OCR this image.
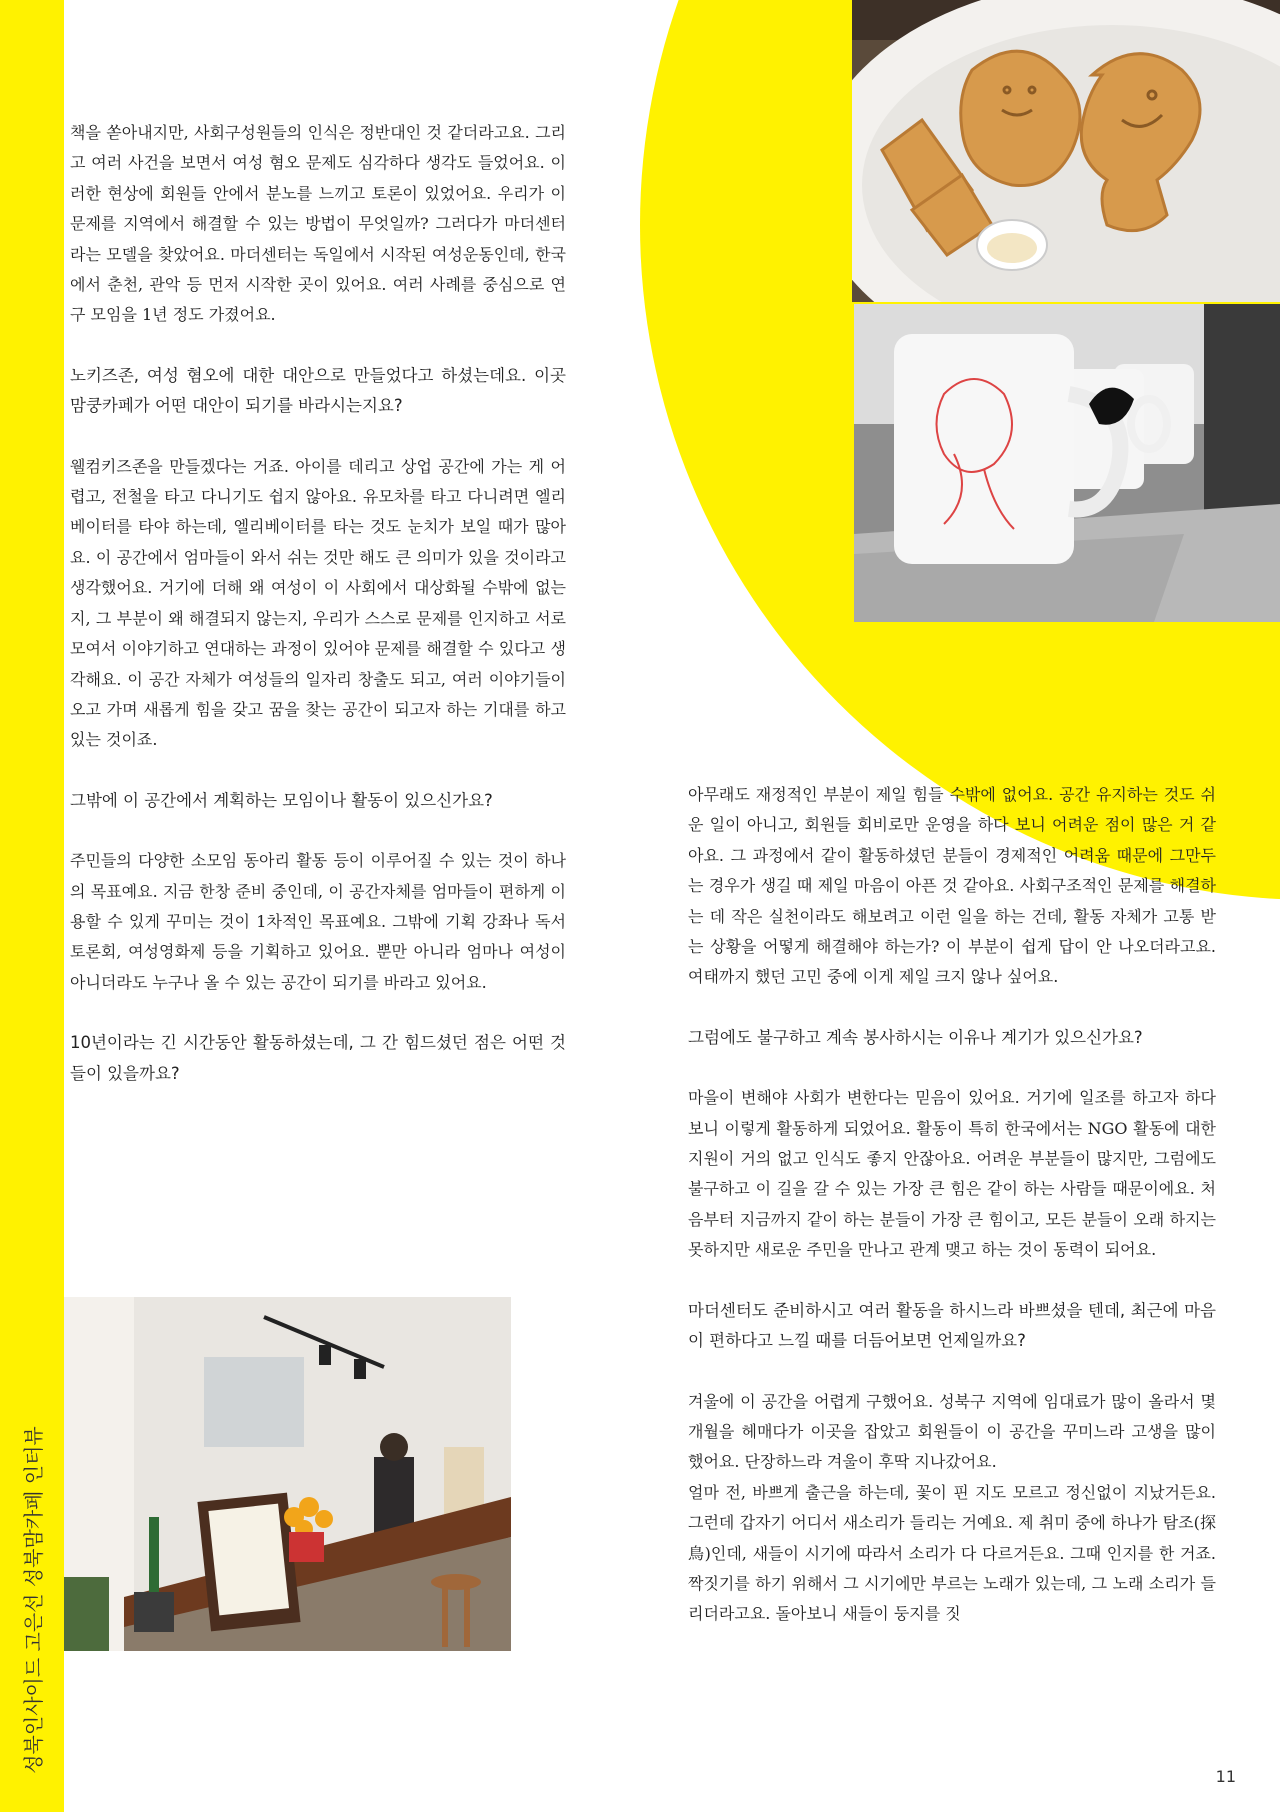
성북인사이드 고은선 성북맘카페 인터뷰

책을 쏟아내지만, 사회구성원들의 인식은 정반대인 것 같더라고요. 그리고 여러 사건을 보면서 여성 혐오 문제도 심각하다 생각도 들었어요. 이러한 현상에 회원들 안에서 분노를 느끼고 토론이 있었어요. 우리가 이 문제를 지역에서 해결할 수 있는 방법이 무엇일까? 그러다가 마더센터라는 모델을 찾았어요. 마더센터는 독일에서 시작된 여성운동인데, 한국에서 춘천, 관악 등 먼저 시작한 곳이 있어요. 여러 사례를 중심으로 연구 모임을 1년 정도 가졌어요.

노키즈존, 여성 혐오에 대한 대안으로 만들었다고 하셨는데요. 이곳 맘쿵카페가 어떤 대안이 되기를 바라시는지요?

웰컴키즈존을 만들겠다는 거죠. 아이를 데리고 상업 공간에 가는 게 어렵고, 전철을 타고 다니기도 쉽지 않아요. 유모차를 타고 다니려면 엘리베이터를 타야 하는데, 엘리베이터를 타는 것도 눈치가 보일 때가 많아요. 이 공간에서 엄마들이 와서 쉬는 것만 해도 큰 의미가 있을 것이라고 생각했어요. 거기에 더해 왜 여성이 이 사회에서 대상화될 수밖에 없는지, 그 부분이 왜 해결되지 않는지, 우리가 스스로 문제를 인지하고 서로 모여서 이야기하고 연대하는 과정이 있어야 문제를 해결할 수 있다고 생각해요. 이 공간 자체가 여성들의 일자리 창출도 되고, 여러 이야기들이 오고 가며 새롭게 힘을 갖고 꿈을 찾는 공간이 되고자 하는 기대를 하고 있는 것이죠.

그밖에 이 공간에서 계획하는 모임이나 활동이 있으신가요?

주민들의 다양한 소모임 동아리 활동 등이 이루어질 수 있는 것이 하나의 목표예요. 지금 한창 준비 중인데, 이 공간자체를 엄마들이 편하게 이용할 수 있게 꾸미는 것이 1차적인 목표예요. 그밖에 기획 강좌나 독서토론회, 여성영화제 등을 기획하고 있어요. 뿐만 아니라 엄마나 여성이 아니더라도 누구나 올 수 있는 공간이 되기를 바라고 있어요.

10년이라는 긴 시간동안 활동하셨는데, 그 간 힘드셨던 점은 어떤 것들이 있을까요?

아무래도 재정적인 부분이 제일 힘들 수밖에 없어요. 공간 유지하는 것도 쉬운 일이 아니고, 회원들 회비로만 운영을 하다 보니 어려운 점이 많은 거 같아요. 그 과정에서 같이 활동하셨던 분들이 경제적인 어려움 때문에 그만두는 경우가 생길 때 제일 마음이 아픈 것 같아요. 사회구조적인 문제를 해결하는 데 작은 실천이라도 해보려고 이런 일을 하는 건데, 활동 자체가 고통 받는 상황을 어떻게 해결해야 하는가? 이 부분이 쉽게 답이 안 나오더라고요. 여태까지 했던 고민 중에 이게 제일 크지 않나 싶어요.

그럼에도 불구하고 계속 봉사하시는 이유나 계기가 있으신가요?

마을이 변해야 사회가 변한다는 믿음이 있어요. 거기에 일조를 하고자 하다 보니 이렇게 활동하게 되었어요. 활동이 특히 한국에서는 NGO 활동에 대한 지원이 거의 없고 인식도 좋지 안잖아요. 어려운 부분들이 많지만, 그럼에도 불구하고 이 길을 갈 수 있는 가장 큰 힘은 같이 하는 사람들 때문이에요. 처음부터 지금까지 같이 하는 분들이 가장 큰 힘이고, 모든 분들이 오래 하지는 못하지만 새로운 주민을 만나고 관계 맺고 하는 것이 동력이 되어요.

마더센터도 준비하시고 여러 활동을 하시느라 바쁘셨을 텐데, 최근에 마음이 편하다고 느낄 때를 더듬어보면 언제일까요?

겨울에 이 공간을 어렵게 구했어요. 성북구 지역에 임대료가 많이 올라서 몇 개월을 헤매다가 이곳을 잡았고 회원들이 이 공간을 꾸미느라 고생을 많이 했어요. 단장하느라 겨울이 후딱 지나갔어요.

얼마 전, 바쁘게 출근을 하는데, 꽃이 핀 지도 모르고 정신없이 지났거든요. 그런데 갑자기 어디서 새소리가 들리는 거예요. 제 취미 중에 하나가 탐조(探鳥)인데, 새들이 시기에 따라서 소리가 다 다르거든요. 그때 인지를 한 거죠. 짝짓기를 하기 위해서 그 시기에만 부르는 노래가 있는데, 그 노래 소리가 들리더라고요. 돌아보니 새들이 둥지를 짓

11
